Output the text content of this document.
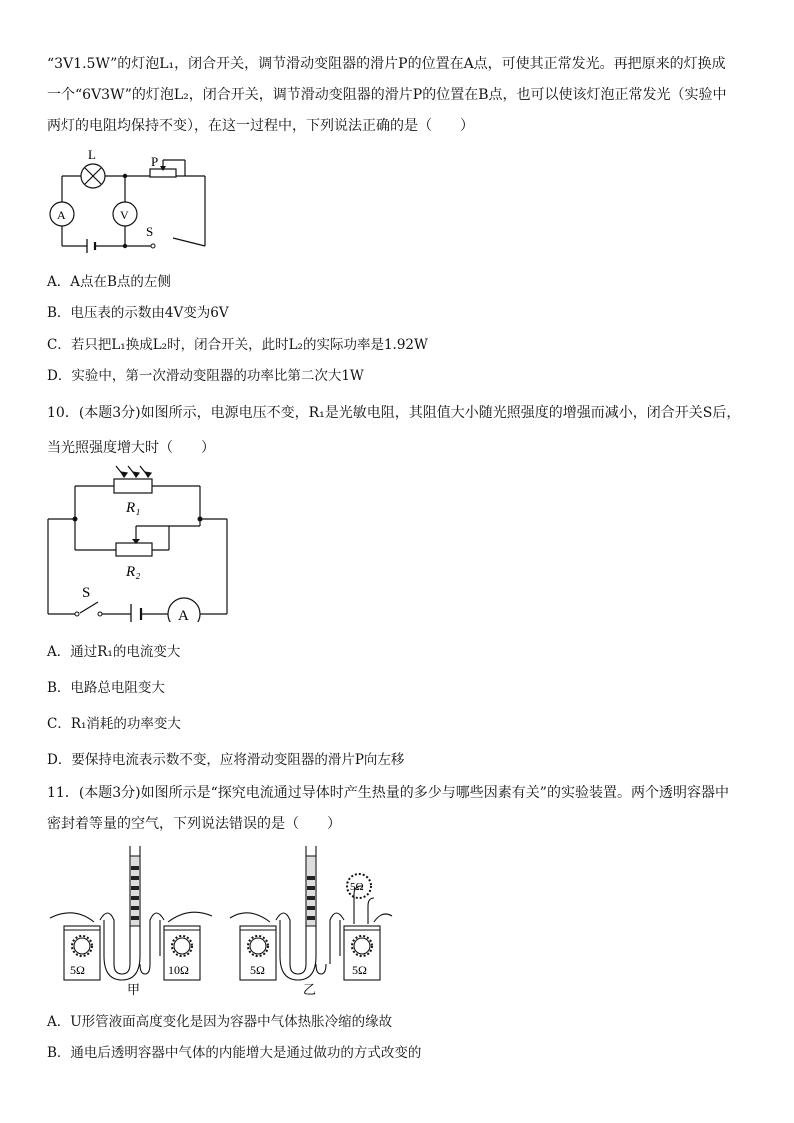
“3V1.5W”的灯泡L₁，闭合开关，调节滑动变阻器的滑片P的位置在A点，可使其正常发光。再把原来的灯换成
一个“6V3W”的灯泡L₂，闭合开关，调节滑动变阻器的滑片P的位置在B点，也可以使该灯泡正常发光（实验中
两灯的电阻均保持不变），在这一过程中，下列说法正确的是（　　）
L	P
A	V
S
A．A点在B点的左侧
B．电压表的示数由4V变为6V
C．若只把L₁换成L₂时，闭合开关，此时L₂的实际功率是1.92W
D．实验中，第一次滑动变阻器的功率比第二次大1W
10．(本题3分)如图所示，电源电压不变，R₁是光敏电阻，其阻值大小随光照强度的增强而减小，闭合开关S后，
当光照强度增大时（　　）
R₁
R₂
S
A
A．通过R₁的电流变大
B．电路总电阻变大
C．R₁消耗的功率变大
D．要保持电流表示数不变，应将滑动变阻器的滑片P向左移
11．(本题3分)如图所示是“探究电流通过导体时产生热量的多少与哪些因素有关”的实验装置。两个透明容器中
密封着等量的空气，下列说法错误的是（　　）
5Ω	10Ω
甲
5Ω
5Ω	5Ω
乙
A．U形管液面高度变化是因为容器中气体热胀冷缩的缘故
B．通电后透明容器中气体的内能增大是通过做功的方式改变的
